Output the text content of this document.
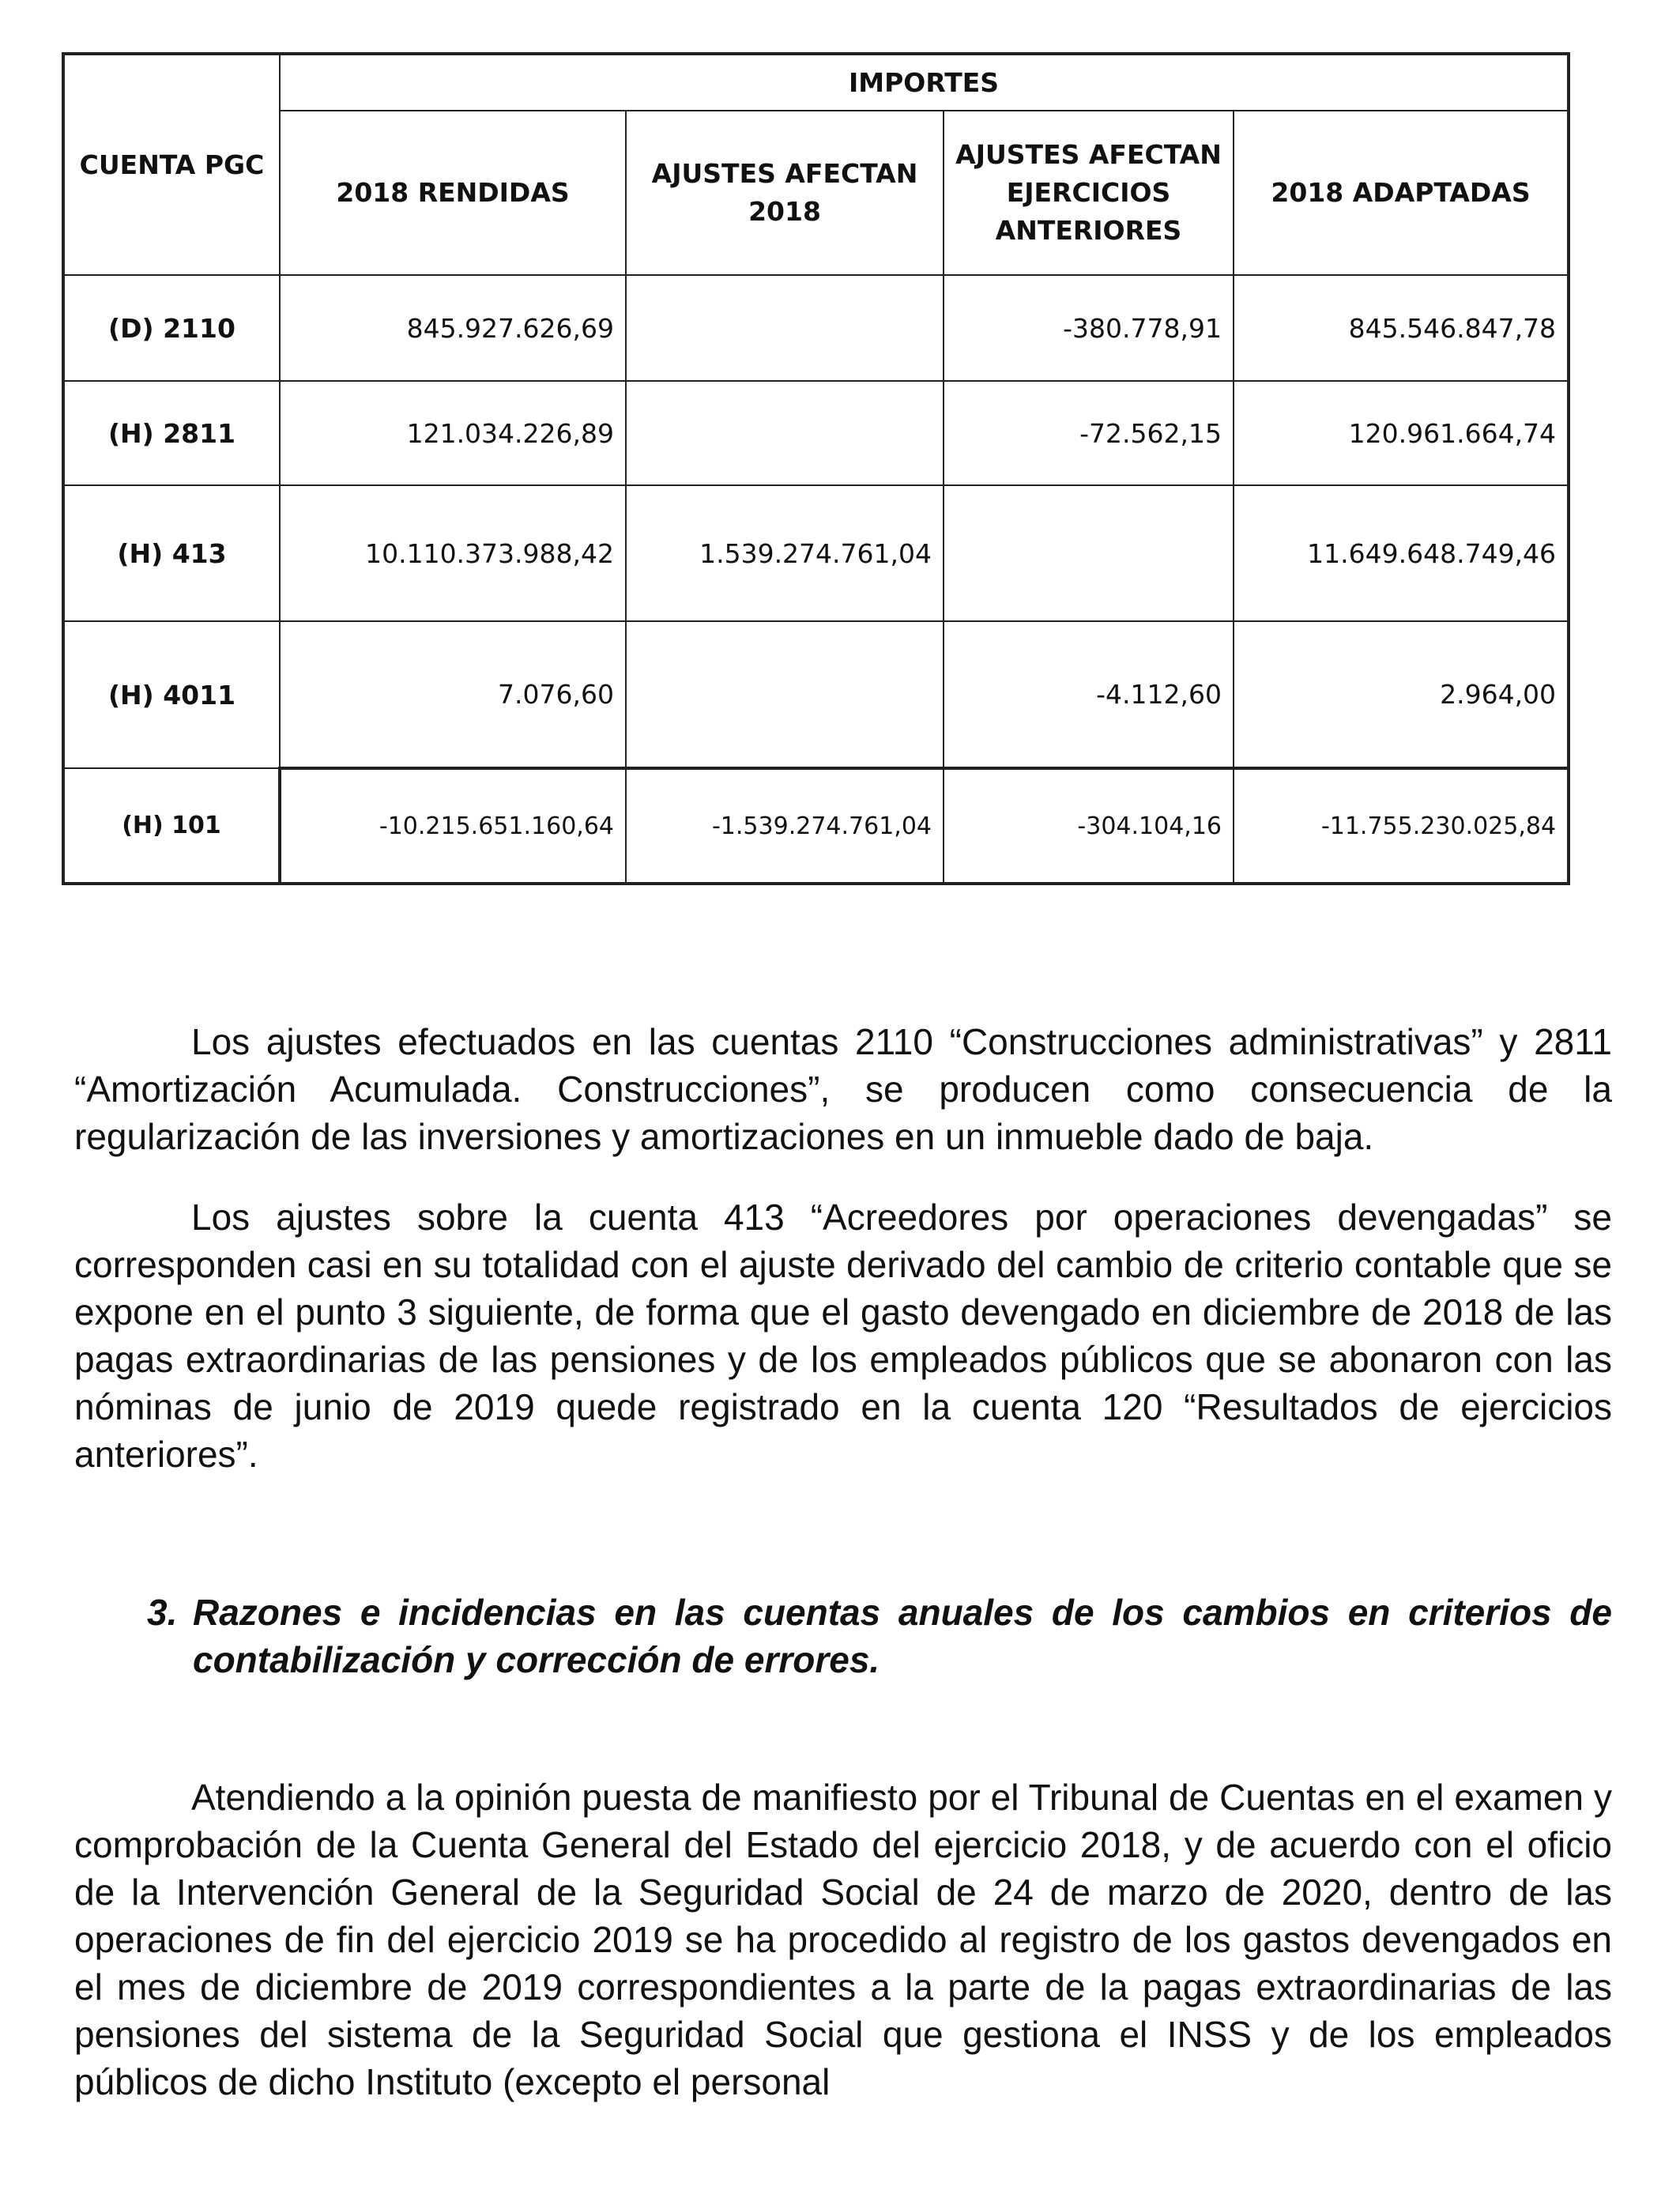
CUENTA PGC	IMPORTES			
	2018 RENDIDAS	AJUSTES AFECTAN 2018	AJUSTES AFECTAN EJERCICIOS ANTERIORES	2018 ADAPTADAS
(D) 2110	845.927.626,69		-380.778,91	845.546.847,78
(H) 2811	121.034.226,89		-72.562,15	120.961.664,74
(H) 413	10.110.373.988,42	1.539.274.761,04		11.649.648.749,46
(H) 4011	7.076,60		-4.112,60	2.964,00
(H) 101	-10.215.651.160,64	-1.539.274.761,04	-304.104,16	-11.755.230.025,84

Los ajustes efectuados en las cuentas 2110 “Construcciones administrativas” y 2811 “Amortización Acumulada. Construcciones”, se producen como consecuencia de la regularización de las inversiones y amortizaciones en un inmueble dado de baja.

Los ajustes sobre la cuenta 413 “Acreedores por operaciones devengadas” se corresponden casi en su totalidad con el ajuste derivado del cambio de criterio contable que se expone en el punto 3 siguiente, de forma que el gasto devengado en diciembre de 2018 de las pagas extraordinarias de las pensiones y de los empleados públicos que se abonaron con las nóminas de junio de 2019 quede registrado en la cuenta 120 “Resultados de ejercicios anteriores”.

3. Razones e incidencias en las cuentas anuales de los cambios en criterios de contabilización y corrección de errores.

Atendiendo a la opinión puesta de manifiesto por el Tribunal de Cuentas en el examen y comprobación de la Cuenta General del Estado del ejercicio 2018, y de acuerdo con el oficio de la Intervención General de la Seguridad Social de 24 de marzo de 2020, dentro de las operaciones de fin del ejercicio 2019 se ha procedido al registro de los gastos devengados en el mes de diciembre de 2019 correspondientes a la parte de la pagas extraordinarias de las pensiones del sistema de la Seguridad Social que gestiona el INSS y de los empleados públicos de dicho Instituto (excepto el personal
